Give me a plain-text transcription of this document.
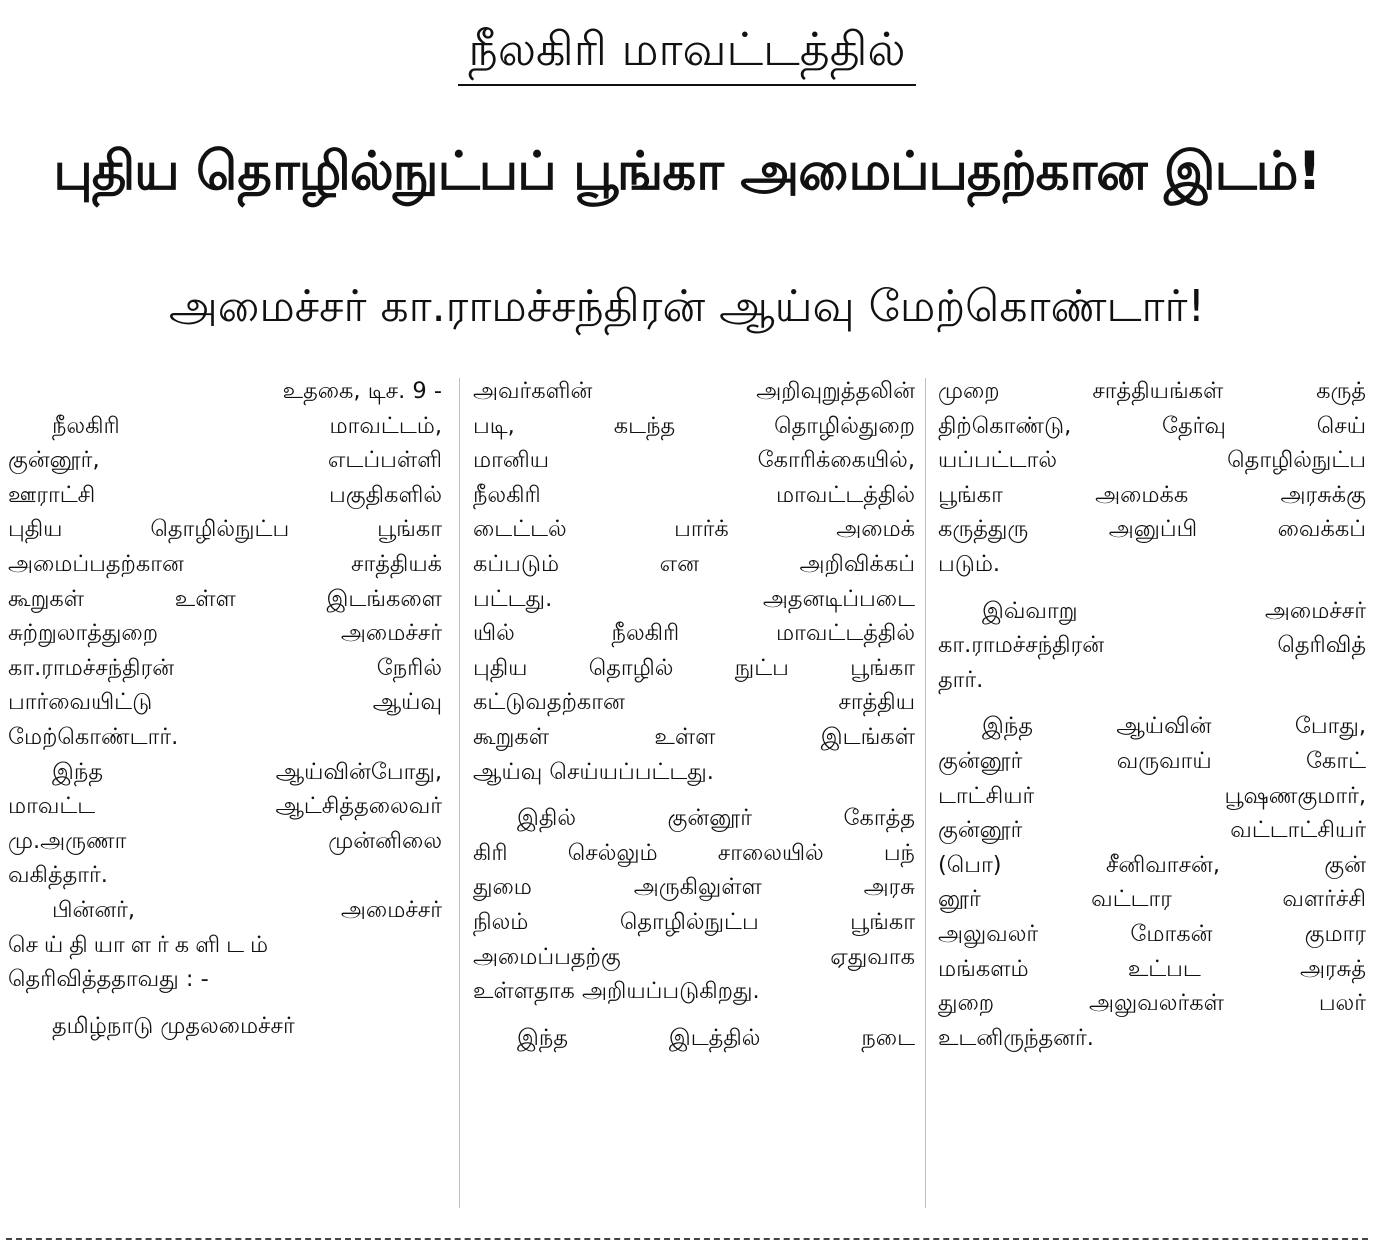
நீலகிரி மாவட்டத்தில்
புதிய தொழில்நுட்பப் பூங்கா அமைப்பதற்கான இடம்!
அமைச்சர் கா.ராமச்சந்திரன் ஆய்வு மேற்கொண்டார்!
உதகை, டிச. 9 -
நீலகிரி மாவட்டம்,
குன்னூர், எடப்பள்ளி
ஊராட்சி பகுதிகளில்
புதிய தொழில்நுட்ப பூங்கா
அமைப்பதற்கான சாத்தியக்
கூறுகள் உள்ள இடங்களை
சுற்றுலாத்துறை அமைச்சர்
கா.ராமச்சந்திரன் நேரில்
பார்வையிட்டு ஆய்வு
மேற்கொண்டார்.
இந்த ஆய்வின்போது,
மாவட்ட ஆட்சித்தலைவர்
மு.அருணா முன்னிலை
வகித்தார்.
பின்னர், அமைச்சர்
செய்தியாளர்களிடம்
தெரிவித்ததாவது : -
தமிழ்நாடு முதலமைச்சர்
அவர்களின் அறிவுறுத்தலின்
படி, கடந்த தொழில்துறை
மானிய கோரிக்கையில்,
நீலகிரி மாவட்டத்தில்
டைட்டல் பார்க் அமைக்
கப்படும் என அறிவிக்கப்
பட்டது. அதனடிப்படை
யில் நீலகிரி மாவட்டத்தில்
புதிய தொழில் நுட்ப பூங்கா
கட்டுவதற்கான சாத்திய
கூறுகள் உள்ள இடங்கள்
ஆய்வு செய்யப்பட்டது.
இதில் குன்னூர் கோத்த
கிரி செல்லும் சாலையில் பந்
துமை அருகிலுள்ள அரசு
நிலம் தொழில்நுட்ப பூங்கா
அமைப்பதற்கு ஏதுவாக
உள்ளதாக அறியப்படுகிறது.
இந்த இடத்தில் நடை
முறை சாத்தியங்கள் கருத்
திற்கொண்டு, தேர்வு செய்
யப்பட்டால் தொழில்நுட்ப
பூங்கா அமைக்க அரசுக்கு
கருத்துரு அனுப்பி வைக்கப்
படும்.
இவ்வாறு அமைச்சர்
கா.ராமச்சந்திரன் தெரிவித்
தார்.
இந்த ஆய்வின் போது,
குன்னூர் வருவாய் கோட்
டாட்சியர் பூஷணகுமார்,
குன்னூர் வட்டாட்சியர்
(பொ) சீனிவாசன், குன்
னூர் வட்டார வளர்ச்சி
அலுவலர் மோகன் குமார
மங்களம் உட்பட அரசுத்
துறை அலுவலர்கள் பலர்
உடனிருந்தனர்.
